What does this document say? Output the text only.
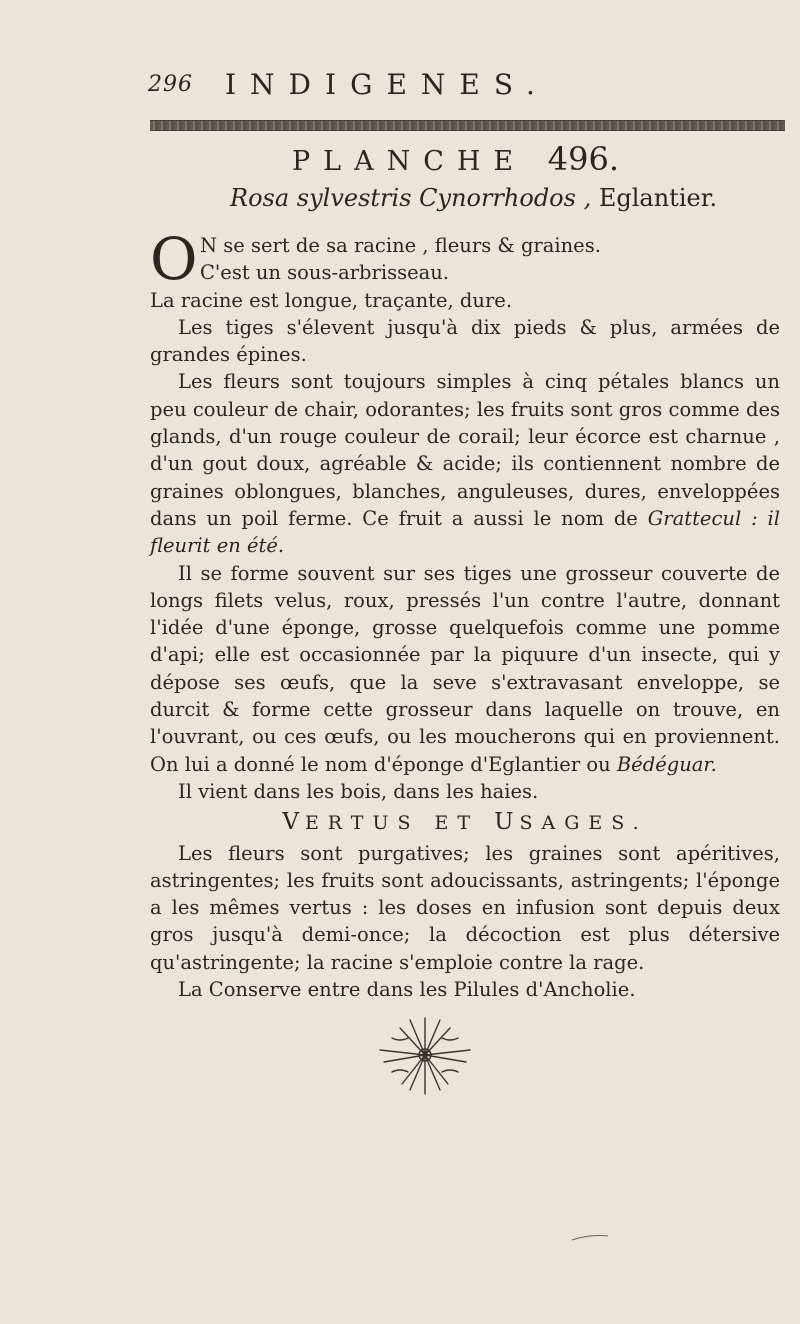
296 INDIGENES.
PLANCHE 496.
Rosa sylvestris Cynorrhodos , Eglantier.
O N se sert de sa racine , fleurs & graines.

C'est un sous-arbrisseau.

La racine est longue, traçante, dure.

Les tiges s'élevent jusqu'à dix pieds & plus, armées de grandes épines.

Les fleurs sont toujours simples à cinq pétales blancs un peu couleur de chair, odorantes; les fruits sont gros comme des glands, d'un rouge couleur de corail; leur écorce est charnue , d'un gout doux, agréable & acide; ils contiennent nombre de graines oblongues, blanches, anguleuses, dures, enveloppées dans un poil ferme. Ce fruit a aussi le nom de Grattecul : il fleurit en été.

Il se forme souvent sur ses tiges une grosseur couverte de longs filets velus, roux, pressés l'un contre l'autre, donnant l'idée d'une éponge, grosse quelquefois comme une pomme d'api; elle est occasionnée par la piquure d'un insecte, qui y dépose ses œufs, que la seve s'extravasant enveloppe, se durcit & forme cette grosseur dans laquelle on trouve, en l'ouvrant, ou ces œufs, ou les moucherons qui en proviennent. On lui a donné le nom d'éponge d'Eglantier ou Bédéguar.

Il vient dans les bois, dans les haies.

VERTUS ET USAGES.

Les fleurs sont purgatives; les graines sont apéritives, astringentes; les fruits sont adoucissants, astringents; l'éponge a les mêmes vertus : les doses en infusion sont depuis deux gros jusqu'à demi-once; la décoction est plus détersive qu'astringente; la racine s'emploie contre la rage.

La Conserve entre dans les Pilules d'Ancholie.
